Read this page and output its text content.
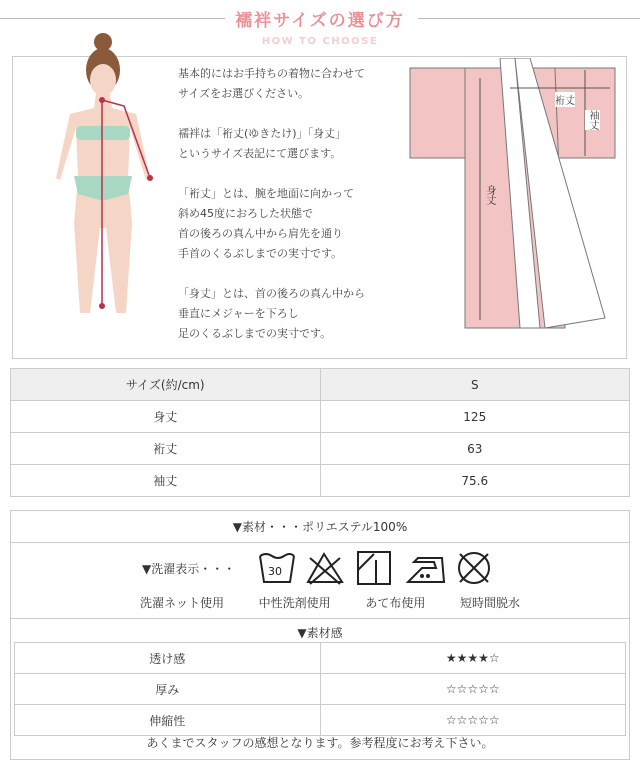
襦袢サイズの選び方
HOW TO CHOOSE

基本的にはお手持ちの着物に合わせて
サイズをお選びください。

襦袢は「裄丈(ゆきたけ)」「身丈」
というサイズ表記にて選びます。

「裄丈」とは、腕を地面に向かって
斜め45度におろした状態で
首の後ろの真ん中から肩先を通り
手首のくるぶしまでの実寸です。

「身丈」とは、首の後ろの真ん中から
垂直にメジャーを下ろし
足のくるぶしまでの実寸です。

裄丈
袖丈
身丈
サイズ(約/cm)	S
身丈	125
裄丈	63
袖丈	75.6
▼素材・・・ポリエステル100%
▼洗濯表示・・・	30
洗濯ネット使用	中性洗剤使用	あて布使用	短時間脱水
▼素材感
透け感	★★★★☆
厚み	☆☆☆☆☆
伸縮性	☆☆☆☆☆
あくまでスタッフの感想となります。参考程度にお考え下さい。
